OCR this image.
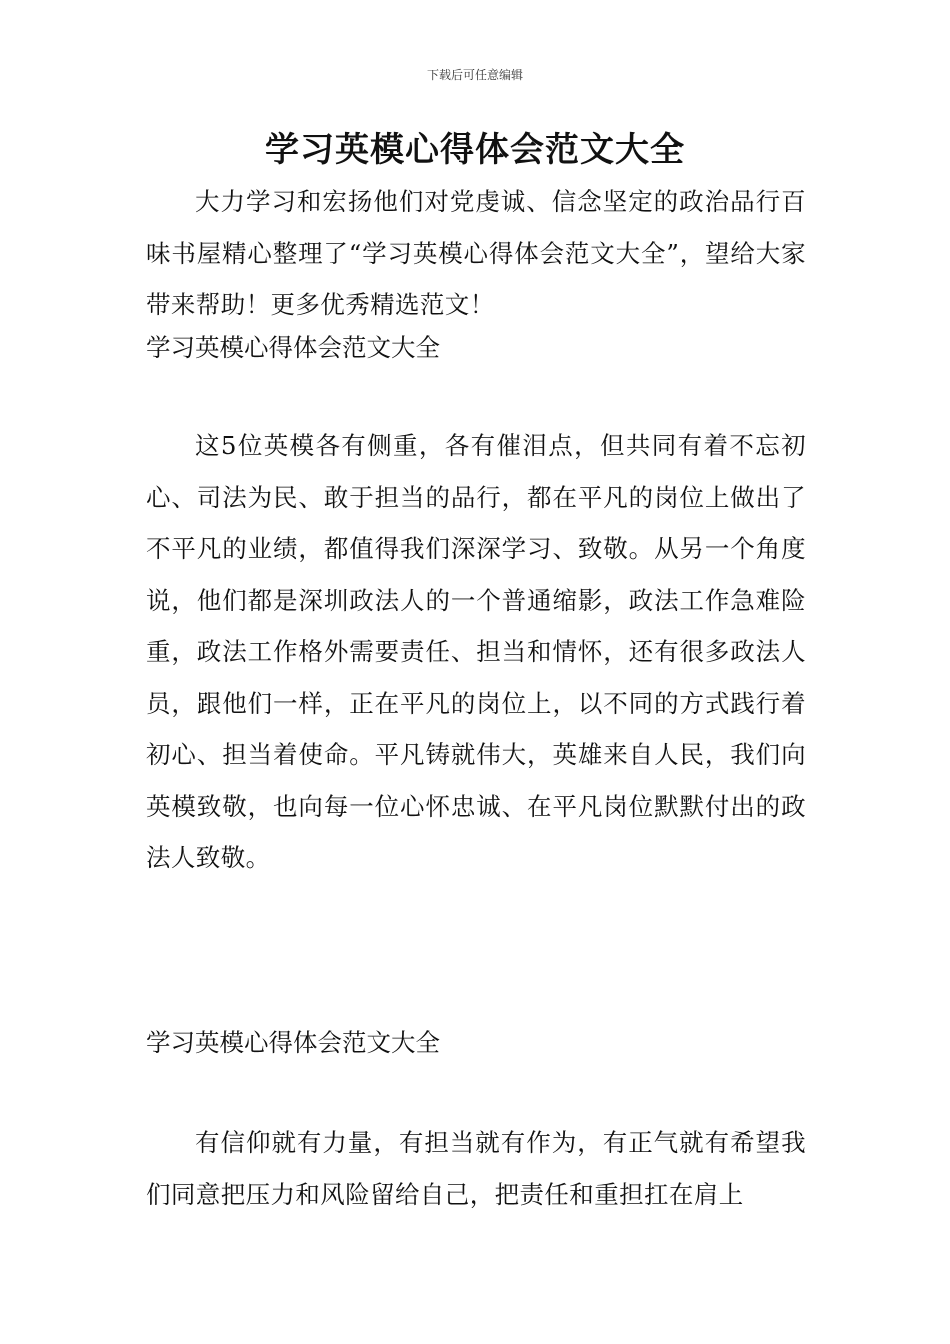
下载后可任意编辑
学习英模心得体会范文大全

大力学习和宏扬他们对党虔诚、信念坚定的政治品行百味书屋精心整理了“学习英模心得体会范文大全”，望给大家带来帮助！更多优秀精选范文！

学习英模心得体会范文大全

这5位英模各有侧重，各有催泪点，但共同有着不忘初心、司法为民、敢于担当的品行，都在平凡的岗位上做出了不平凡的业绩，都值得我们深深学习、致敬。从另一个角度说，他们都是深圳政法人的一个普通缩影，政法工作急难险重，政法工作格外需要责任、担当和情怀，还有很多政法人员，跟他们一样，正在平凡的岗位上，以不同的方式践行着初心、担当着使命。平凡铸就伟大，英雄来自人民，我们向英模致敬，也向每一位心怀忠诚、在平凡岗位默默付出的政法人致敬。

学习英模心得体会范文大全

有信仰就有力量，有担当就有作为，有正气就有希望我们同意把压力和风险留给自己，把责任和重担扛在肩上
